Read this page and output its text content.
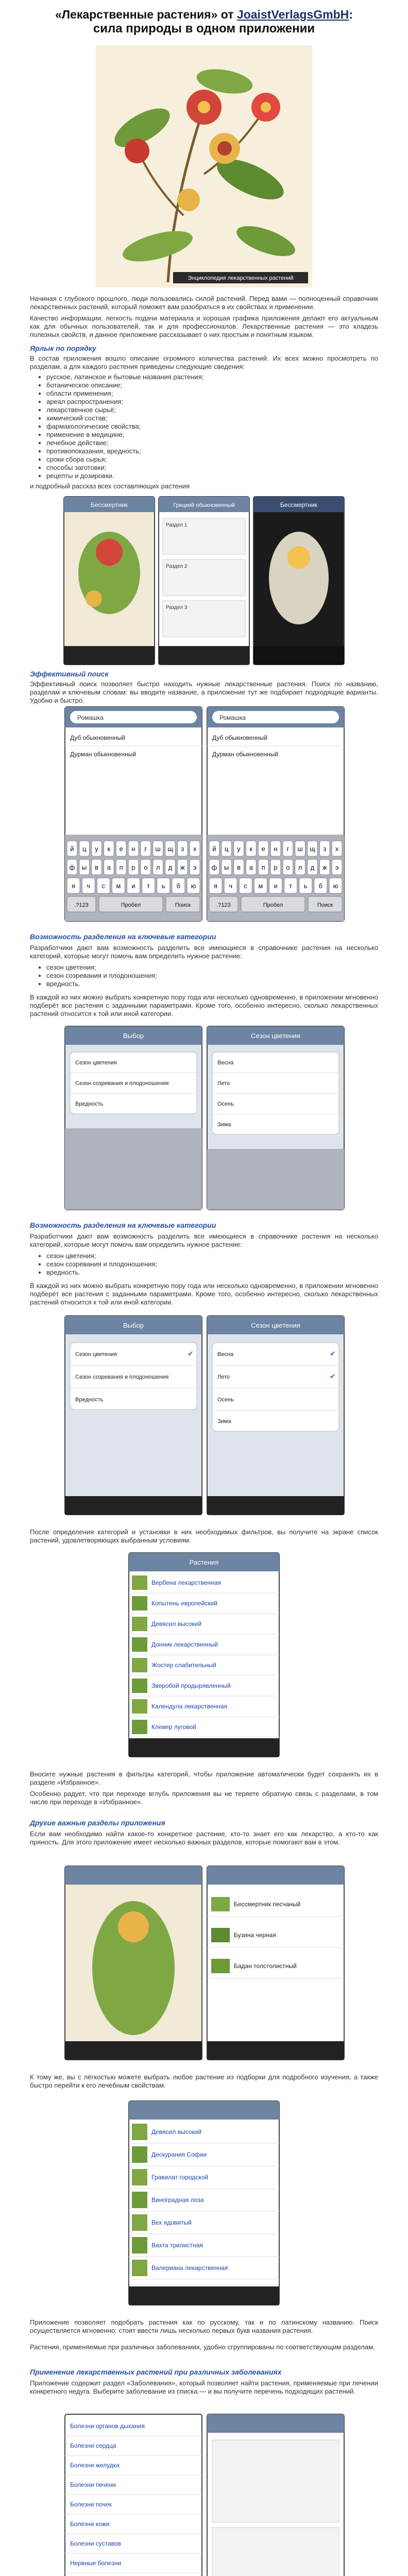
«Лекарственные растения» от JoaistVerlagsGmbH:
сила природы в одном приложении
Энциклопедия лекарственных растений
Начиная с глубокого прошлого, люди пользовались силой растений. Перед вами — полноценный справочник лекарственных растений, который поможет вам разобраться в их свойствах и применении.
Качество информации, легкость подачи материала и хорошая графика приложения делают его актуальным как для обычных пользователей, так и для профессионалов. Лекарственные растения — это кладезь полезных свойств, и данное приложение рассказывает о них простым и понятным языком.
Ярлык по порядку
В состав приложения вошло описание огромного количества растений. Их всех можно просмотреть по разделам, а для каждого растения приведены следующие сведения:
• русское, латинское и бытовые названия растения;
• ботаническое описание;
• области применения;
• ареал распространения;
• лекарственное сырьё;
• химический состав;
• фармакологические свойства;
• применение в медицине;
• лечебное действие;
• противопоказания, вредность;
• сроки сбора сырья;
• способы заготовки;
• рецепты и дозировки.
и подробный рассказ всех составляющих растения
Бессмертник	Грецкий обыкновенный
Раздел 1
Раздел 2
Раздел 3
Бессмертник
Эффективный поиск
Эффективный поиск позволяет быстро находить нужные лекарственные растения. Поиск по названию, разделам и ключевым словам: вы вводите название, а приложение тут же подбирает подходящие варианты. Удобно и быстро.
Ромашка
Дуб обыкновенный
Дурман обыкновенный
Ромашка
Дуб обыкновенный
Дурман обыкновенный
й ц у к е н г ш щ з х
ф ы в а п р о л д ж э
я ч с м и т ь б ю
.?123	Пробел	Поиск
й ц у к е н г ш щ з х
ф ы в а п р о л д ж э
я ч с м и т ь б ю
.?123	Пробел	Поиск
Возможность разделения на ключевые категории
Разработчики дают вам возможность разделить все имеющиеся в справочнике растения на несколько категорий, которые могут помочь вам определить нужное растение:
• сезон цветения;
• сезон созревания и плодоношения;
• вредность.
В каждой из них можно выбрать конкретную пору года или несколько одновременно, в приложении мгновенно подберёт все растения с заданными параметрами. Кроме того, особенно интересно, сколько лекарственных растений относится к той или иной категории.
Выбор
Сезон цветения
Сезон созревания и плодоношения
Вредность
Сезон цветения
Весна
Лето
Осень
Зима
Возможность разделения на ключевые категории
Разработчики дают вам возможность разделить все имеющиеся в справочнике растения на несколько категорий, которые могут помочь вам определить нужное растение:
• сезон цветения;
• сезон созревания и плодоношения;
• вредность.
В каждой из них можно выбрать конкретную пору года или несколько одновременно, в приложении мгновенно подберёт все растения с заданными параметрами. Кроме того, особенно интересно, сколько лекарственных растений относится к той или иной категории.
Выбор
Сезон цветения	✔
Сезон созревания и плодоношения
Вредность
Сезон цветения
Весна	✔
Лето	✔
Осень
Зима
После определения категорий и установки в них необходимых фильтров, вы получите на экране список растений, удовлетворяющих выбранным условиям.
Растения
Вербена лекарственная
Копытень европейский
Девясил высокий
Донник лекарственный
Жостер слабительный
Зверобой продырявленный
Календула лекарственная
Клевер луговой
Вносите нужные растения в фильтры категорий, чтобы приложение автоматически будет сохранять их в разделе «Избранное».
Особенно радует, что при переходе вглубь приложения вы не теряете обратную связь с разделами, в том числе при переходе в «Избранное».
Другие важные разделы приложения
Если вам необходимо найти какое-то конкретное растение, кто-то знает его как лекарство, а кто-то как пряность. Для этого приложение имеет несколько важных разделов, которые помогают вам в этом.
Бессмертник песчаный
Бузина черная
Бадан толстолистный
К тому же, вы с лёгкостью можете выбрать любое растение из подборки для подробного изучения, а также быстро перейти к его лечебным свойствам.
Девясил высокий
Дескурания Софии
Гравилат городской
Виноградная лоза
Вех ядовитый
Вахта трилистная
Валериана лекарственная
Приложение позволяет подобрать растения как по русскому, так и по латинскому названию. Поиск осуществляется мгновенно: стоит ввести лишь несколько первых букв названия растения.
Растения, применяемые при различных заболеваниях, удобно сгруппированы по соответствующим разделам.
Применение лекарственных растений при различных заболеваниях
Приложение содержит раздел «Заболевания», который позволяет найти растения, применяемые при лечении конкретного недуга. Выберите заболевание из списка — и вы получите перечень подходящих растений.
Болезни органов дыхания
Болезни сердца
Болезни желудка
Болезни печени
Болезни почек
Болезни кожи
Болезни суставов
Нервные болезни
